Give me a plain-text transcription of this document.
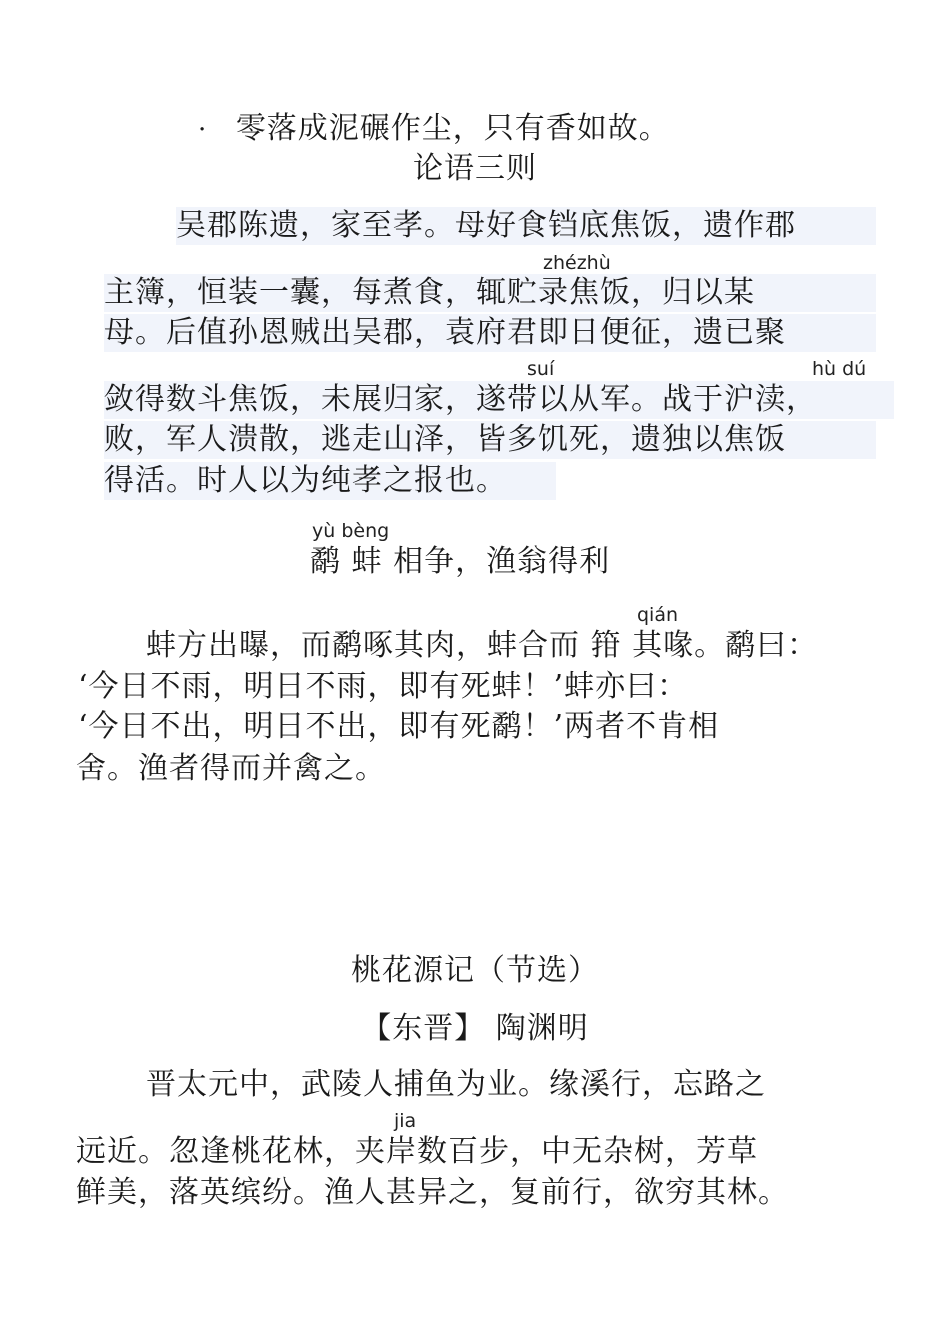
· 零落成泥碾作尘，只有香如故。
论语三则
吴郡陈遗，家至孝。母好食铛底焦饭，遗作郡
zhézhù
主簿，恒装一囊，每煮食，辄贮录焦饭，归以某
母。后值孙恩贼出吴郡，袁府君即日便征，遗已聚
suí	hù dú
敛得数斗焦饭，未展归家，遂带以从军。战于沪渎，
败，军人溃散，逃走山泽，皆多饥死，遗独以焦饭
得活。时人以为纯孝之报也。
yù bèng
鹬 蚌 相争，渔翁得利
qián
蚌方出曝，而鹬啄其肉，蚌合而 箝 其喙。鹬曰：
‘今日不雨，明日不雨，即有死蚌！’蚌亦曰：
‘今日不出，明日不出，即有死鹬！’两者不肯相
舍。渔者得而并禽之。
桃花源记（节选）
【东晋】 陶渊明
晋太元中，武陵人捕鱼为业。缘溪行，忘路之
jia
远近。忽逢桃花林，夹岸数百步，中无杂树，芳草
鲜美，落英缤纷。渔人甚异之，复前行，欲穷其林。
